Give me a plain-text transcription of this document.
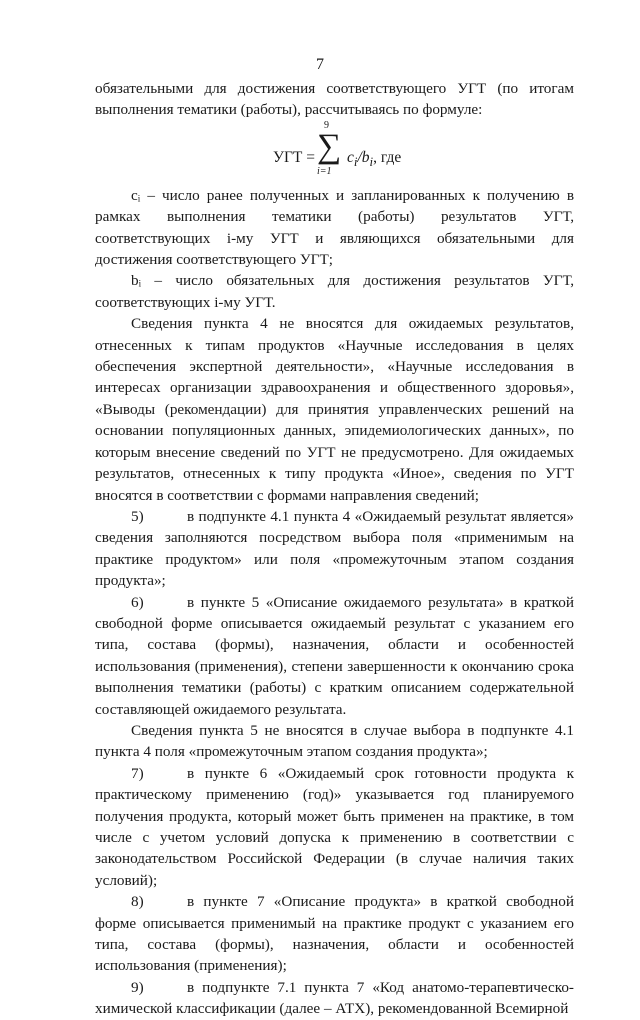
7

обязательными для достижения соответствующего УГТ (по итогам выполнения тематики (работы), рассчитываясь по формуле:

УГТ =
9
∑
i=1
$c_i/b_i$, где

cᵢ – число ранее полученных и запланированных к получению в рамках выполнения тематики (работы) результатов УГТ, соответствующих i-му УГТ и являющихся обязательными для достижения соответствующего УГТ;

bᵢ – число обязательных для достижения результатов УГТ, соответствующих i-му УГТ.

Сведения пункта 4 не вносятся для ожидаемых результатов, отнесенных к типам продуктов «Научные исследования в целях обеспечения экспертной деятельности», «Научные исследования в интересах организации здравоохранения и общественного здоровья», «Выводы (рекомендации) для принятия управленческих решений на основании популяционных данных, эпидемиологических данных», по которым внесение сведений по УГТ не предусмотрено. Для ожидаемых результатов, отнесенных к типу продукта «Иное», сведения по УГТ вносятся в соответствии с формами направления сведений;

5)	в подпункте 4.1 пункта 4 «Ожидаемый результат является» сведения заполняются посредством выбора поля «применимым на практике продуктом» или поля «промежуточным этапом создания продукта»;

6)	в пункте 5 «Описание ожидаемого результата» в краткой свободной форме описывается ожидаемый результат с указанием его типа, состава (формы), назначения, области и особенностей использования (применения), степени завершенности к окончанию срока выполнения тематики (работы) с кратким описанием содержательной составляющей ожидаемого результата.

Сведения пункта 5 не вносятся в случае выбора в подпункте 4.1 пункта 4 поля «промежуточным этапом создания продукта»;

7)	в пункте 6 «Ожидаемый срок готовности продукта к практическому применению (год)» указывается год планируемого получения продукта, который может быть применен на практике, в том числе с учетом условий допуска к применению в соответствии с законодательством Российской Федерации (в случае наличия таких условий);

8)	в пункте 7 «Описание продукта» в краткой свободной форме описывается применимый на практике продукт с указанием его типа, состава (формы), назначения, области и особенностей использования (применения);

9)	в подпункте 7.1 пункта 7 «Код анатомо-терапевтическо-химической классификации (далее – АТХ), рекомендованной Всемирной
